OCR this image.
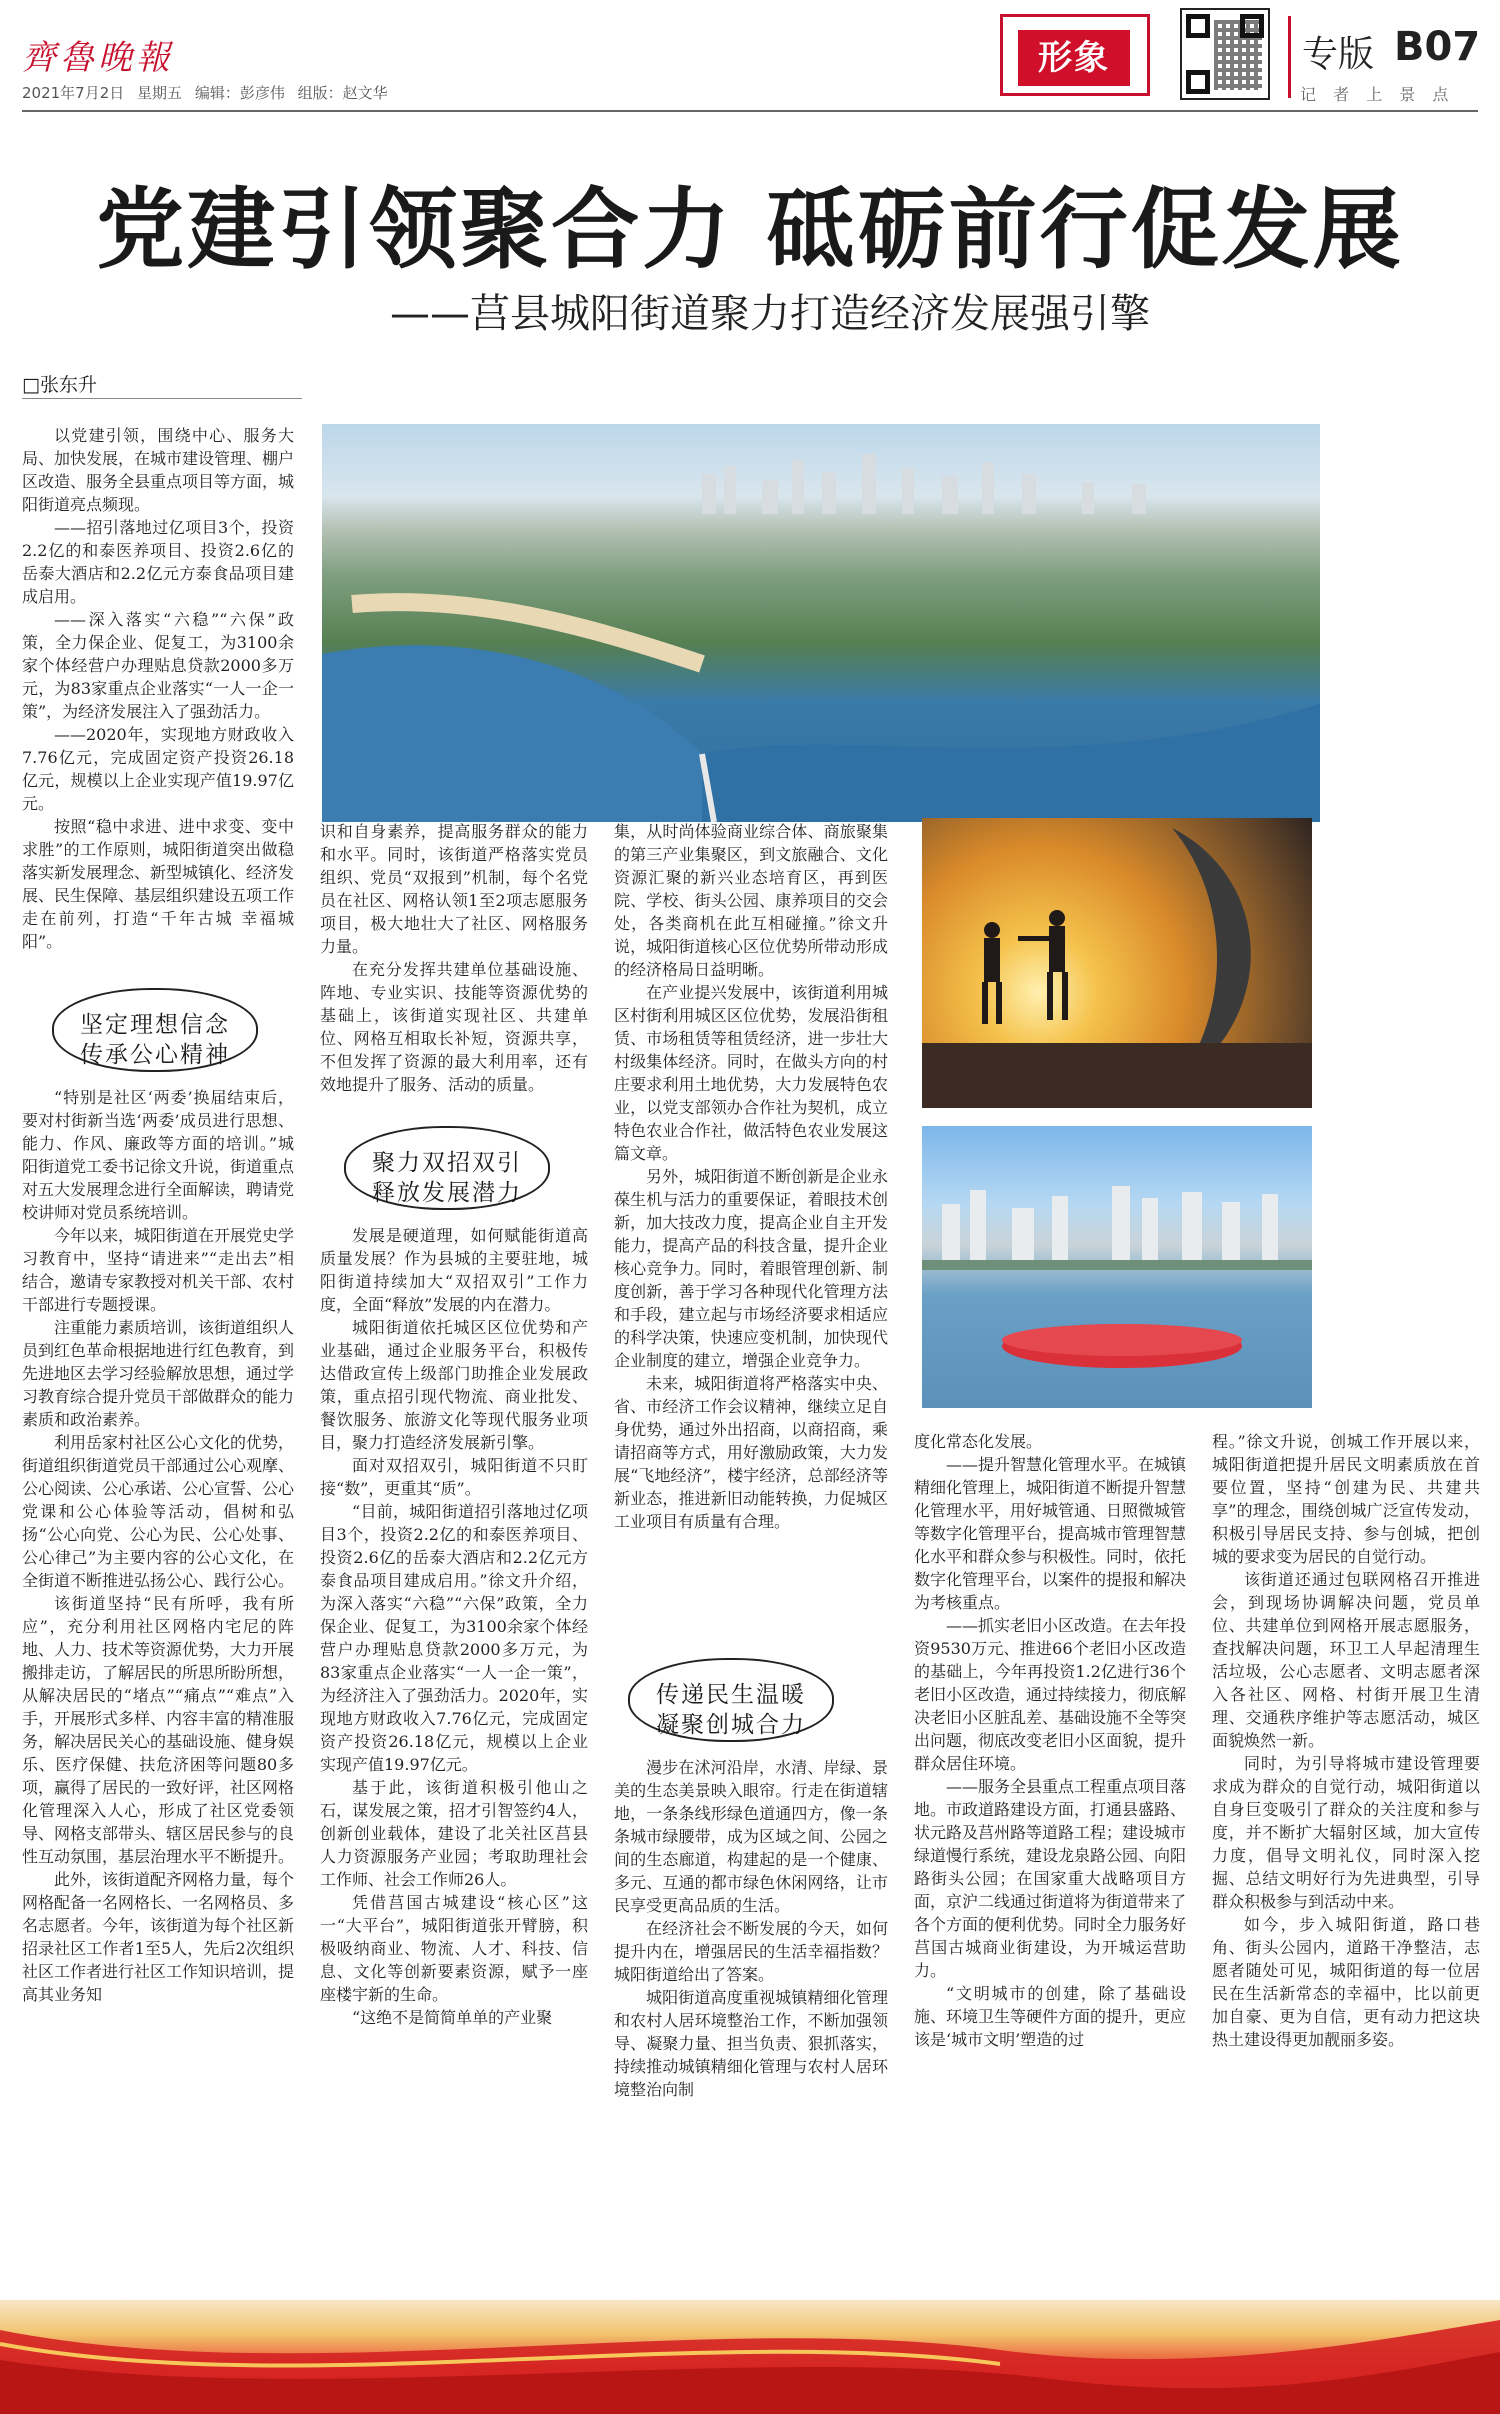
齊魯晚報
2021年7月2日 星期五 编辑：彭彦伟 组版：赵文华
形象	专版 B07
记 者 上 景 点
党建引领聚合力 砥砺前行促发展
——莒县城阳街道聚力打造经济发展强引擎
□张东升

以党建引领，围绕中心、服务大局、加快发展，在城市建设管理、棚户区改造、服务全县重点项目等方面，城阳街道亮点频现。

——招引落地过亿项目3个，投资2.2亿的和泰医养项目、投资2.6亿的岳泰大酒店和2.2亿元方泰食品项目建成启用。

——深入落实“六稳”“六保”政策，全力保企业、促复工，为3100余家个体经营户办理贴息贷款2000多万元，为83家重点企业落实“一人一企一策”，为经济发展注入了强劲活力。

——2020年，实现地方财政收入7.76亿元，完成固定资产投资26.18亿元，规模以上企业实现产值19.97亿元。

按照“稳中求进、进中求变、变中求胜”的工作原则，城阳街道突出做稳落实新发展理念、新型城镇化、经济发展、民生保障、基层组织建设五项工作走在前列，打造“千年古城 幸福城阳”。

坚定理想信念
传承公心精神

“特别是社区‘两委’换届结束后，要对村街新当选‘两委’成员进行思想、能力、作风、廉政等方面的培训。”城阳街道党工委书记徐文升说，街道重点对五大发展理念进行全面解读，聘请党校讲师对党员系统培训。

今年以来，城阳街道在开展党史学习教育中，坚持“请进来”“走出去”相结合，邀请专家教授对机关干部、农村干部进行专题授课。

注重能力素质培训，该街道组织人员到红色革命根据地进行红色教育，到先进地区去学习经验解放思想，通过学习教育综合提升党员干部做群众的能力素质和政治素养。

利用岳家村社区公心文化的优势，街道组织街道党员干部通过公心观摩、公心阅读、公心承诺、公心宣誓、公心党课和公心体验等活动，倡树和弘扬“公心向党、公心为民、公心处事、公心律己”为主要内容的公心文化，在全街道不断推进弘扬公心、践行公心。

该街道坚持“民有所呼，我有所应”，充分利用社区网格内宅尼的阵地、人力、技术等资源优势，大力开展搬排走访，了解居民的所思所盼所想，从解决居民的“堵点”“痛点”“难点”入手，开展形式多样、内容丰富的精准服务，解决居民关心的基础设施、健身娱乐、医疗保健、扶危济困等问题80多项，赢得了居民的一致好评，社区网格化管理深入人心，形成了社区党委领导、网格支部带头、辖区居民参与的良性互动氛围，基层治理水平不断提升。

此外，该街道配齐网格力量，每个网格配备一名网格长、一名网格员、多名志愿者。今年，该街道为每个社区新招录社区工作者1至5人，先后2次组织社区工作者进行社区工作知识培训，提高其业务知

识和自身素养，提高服务群众的能力和水平。同时，该街道严格落实党员组织、党员“双报到”机制，每个名党员在社区、网格认领1至2项志愿服务项目，极大地壮大了社区、网格服务力量。

在充分发挥共建单位基础设施、阵地、专业实识、技能等资源优势的基础上，该街道实现社区、共建单位、网格互相取长补短，资源共享，不但发挥了资源的最大利用率，还有效地提升了服务、活动的质量。

聚力双招双引
释放发展潜力

发展是硬道理，如何赋能街道高质量发展？作为县城的主要驻地，城阳街道持续加大“双招双引”工作力度，全面“释放”发展的内在潜力。

城阳街道依托城区区位优势和产业基础，通过企业服务平台，积极传达借政宣传上级部门助推企业发展政策，重点招引现代物流、商业批发、餐饮服务、旅游文化等现代服务业项目，聚力打造经济发展新引擎。

面对双招双引，城阳街道不只盯接“数”，更重其“质”。

“目前，城阳街道招引落地过亿项目3个，投资2.2亿的和泰医养项目、投资2.6亿的岳泰大酒店和2.2亿元方泰食品项目建成启用。”徐文升介绍，为深入落实“六稳”“六保”政策，全力保企业、促复工，为3100余家个体经营户办理贴息贷款2000多万元，为83家重点企业落实“一人一企一策”，为经济注入了强劲活力。2020年，实现地方财政收入7.76亿元，完成固定资产投资26.18亿元，规模以上企业实现产值19.97亿元。

基于此，该街道积极引他山之石，谋发展之策，招才引智签约4人，创新创业载体，建设了北关社区莒县人力资源服务产业园；考取助理社会工作师、社会工作师26人。

凭借莒国古城建设“核心区”这一“大平台”，城阳街道张开臂膀，积极吸纳商业、物流、人才、科技、信息、文化等创新要素资源，赋予一座座楼宇新的生命。

“这绝不是简简单单的产业聚

集，从时尚体验商业综合体、商旅聚集的第三产业集聚区，到文旅融合、文化资源汇聚的新兴业态培育区，再到医院、学校、街头公园、康养项目的交会处，各类商机在此互相碰撞。”徐文升说，城阳街道核心区位优势所带动形成的经济格局日益明晰。

在产业提兴发展中，该街道利用城区村街利用城区区位优势，发展沿街租赁、市场租赁等租赁经济，进一步壮大村级集体经济。同时，在做头方向的村庄要求利用土地优势，大力发展特色农业，以党支部领办合作社为契机，成立特色农业合作社，做活特色农业发展这篇文章。

另外，城阳街道不断创新是企业永葆生机与活力的重要保证，着眼技术创新，加大技改力度，提高企业自主开发能力，提高产品的科技含量，提升企业核心竞争力。同时，着眼管理创新、制度创新，善于学习各种现代化管理方法和手段，建立起与市场经济要求相适应的科学决策，快速应变机制，加快现代企业制度的建立，增强企业竞争力。

未来，城阳街道将严格落实中央、省、市经济工作会议精神，继续立足自身优势，通过外出招商，以商招商，乘请招商等方式，用好激励政策，大力发展“飞地经济”，楼宇经济，总部经济等新业态，推进新旧动能转换，力促城区工业项目有质量有合理。

传递民生温暖
凝聚创城合力

漫步在沭河沿岸，水清、岸绿、景美的生态美景映入眼帘。行走在街道辖地，一条条线形绿色道通四方，像一条条城市绿腰带，成为区域之间、公园之间的生态廊道，构建起的是一个健康、多元、互通的都市绿色休闲网络，让市民享受更高品质的生活。

在经济社会不断发展的今天，如何提升内在，增强居民的生活幸福指数？城阳街道给出了答案。

城阳街道高度重视城镇精细化管理和农村人居环境整治工作，不断加强领导、凝聚力量、担当负责、狠抓落实，持续推动城镇精细化管理与农村人居环境整治向制

度化常态化发展。

——提升智慧化管理水平。在城镇精细化管理上，城阳街道不断提升智慧化管理水平，用好城管通、日照微城管等数字化管理平台，提高城市管理智慧化水平和群众参与积极性。同时，依托数字化管理平台，以案件的提报和解决为考核重点。

——抓实老旧小区改造。在去年投资9530万元、推进66个老旧小区改造的基础上，今年再投资1.2亿进行36个老旧小区改造，通过持续接力，彻底解决老旧小区脏乱差、基础设施不全等突出问题，彻底改变老旧小区面貌，提升群众居住环境。

——服务全县重点工程重点项目落地。市政道路建设方面，打通县盛路、状元路及莒州路等道路工程；建设城市绿道慢行系统，建设龙泉路公园、向阳路街头公园；在国家重大战略项目方面，京沪二线通过街道将为街道带来了各个方面的便利优势。同时全力服务好莒国古城商业街建设，为开城运营助力。

“文明城市的创建，除了基础设施、环境卫生等硬件方面的提升，更应该是‘城市文明’塑造的过

程。”徐文升说，创城工作开展以来，城阳街道把提升居民文明素质放在首要位置，坚持“创建为民、共建共享”的理念，围绕创城广泛宣传发动，积极引导居民支持、参与创城，把创城的要求变为居民的自觉行动。

该街道还通过包联网格召开推进会，到现场协调解决问题，党员单位、共建单位到网格开展志愿服务，查找解决问题，环卫工人早起清理生活垃圾，公心志愿者、文明志愿者深入各社区、网格、村街开展卫生清理、交通秩序维护等志愿活动，城区面貌焕然一新。

同时，为引导将城市建设管理要求成为群众的自觉行动，城阳街道以自身巨变吸引了群众的关注度和参与度，并不断扩大辐射区域，加大宣传力度，倡导文明礼仪，同时深入挖掘、总结文明好行为先进典型，引导群众积极参与到活动中来。

如今，步入城阳街道，路口巷角、街头公园内，道路干净整洁，志愿者随处可见，城阳街道的每一位居民在生活新常态的幸福中，比以前更加自豪、更为自信，更有动力把这块热土建设得更加靓丽多姿。
